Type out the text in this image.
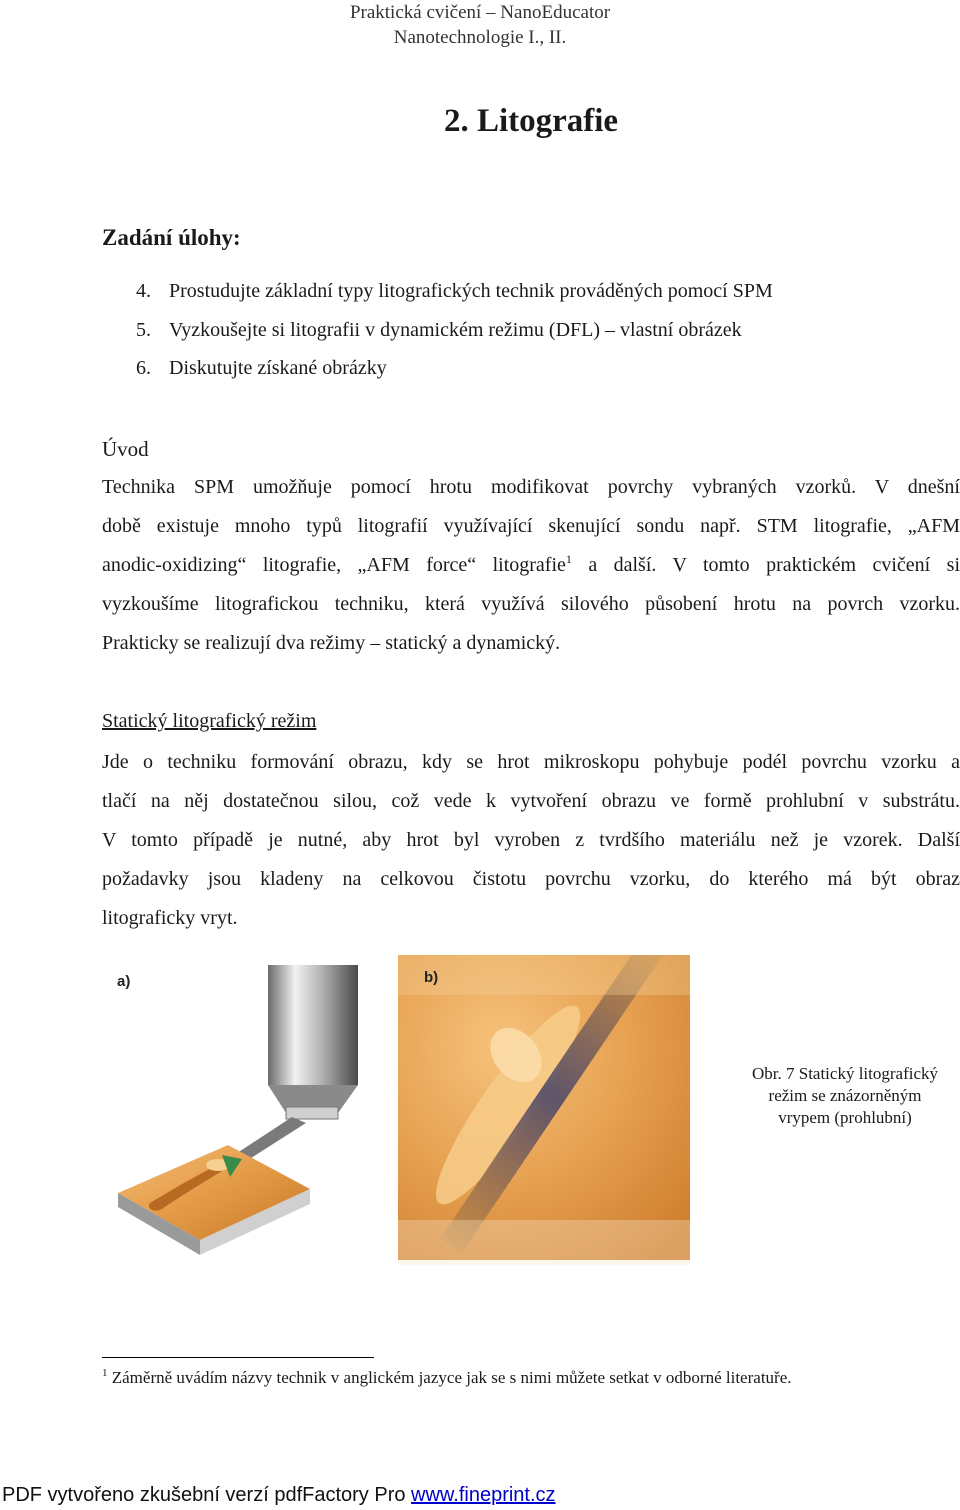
Praktická cvičení – NanoEducator
Nanotechnologie I., II.
2. Litografie
Zadání úlohy:
4. Prostudujte základní typy litografických technik prováděných pomocí SPM
5. Vyzkoušejte si litografii v dynamickém režimu (DFL) – vlastní obrázek
6. Diskutujte získané obrázky
Úvod
Technika SPM umožňuje pomocí hrotu modifikovat povrchy vybraných vzorků. V dnešní
době existuje mnoho typů litografií využívající skenující sondu např. STM litografie, „AFM
anodic-oxidizing“ litografie, „AFM force“ litografie$^1$ a další. V tomto praktickém cvičení si
vyzkoušíme litografickou techniku, která využívá silového působení hrotu na povrch vzorku.
Prakticky se realizují dva režimy – statický a dynamický.
Statický litografický režim
Jde o techniku formování obrazu, kdy se hrot mikroskopu pohybuje podél povrchu vzorku a
tlačí na něj dostatečnou silou, což vede k vytvoření obrazu ve formě prohlubní v substrátu.
V tomto případě je nutné, aby hrot byl vyroben z tvrdšího materiálu než je vzorek. Další
požadavky jsou kladeny na celkovou čistotu povrchu vzorku, do kterého má být obraz
litograficky vryt.
a)	b)
Obr. 7 Statický litografický
režim se znázorněným
vrypem (prohlubní)
$^1$ Záměrně uvádím názvy technik v anglickém jazyce jak se s nimi můžete setkat v odborné literatuře.
PDF vytvořeno zkušební verzí pdfFactory Pro www.fineprint.cz
